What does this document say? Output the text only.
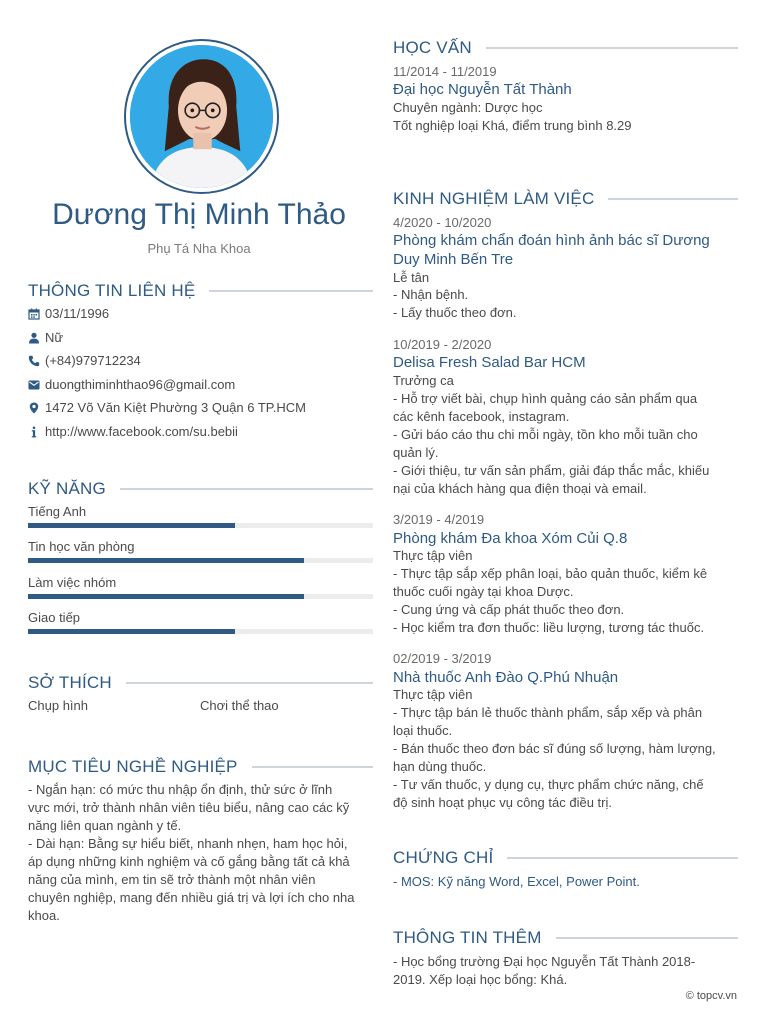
Dương Thị Minh Thảo
Phụ Tá Nha Khoa
THÔNG TIN LIÊN HỆ
03/11/1996
Nữ
(+84)979712234
duongthiminhthao96@gmail.com
1472 Võ Văn Kiệt Phường 3 Quận 6 TP.HCM
http://www.facebook.com/su.bebii
KỸ NĂNG
Tiếng Anh
Tin học văn phòng
Làm việc nhóm
Giao tiếp
SỞ THÍCH
Chụp hình	Chơi thể thao
MỤC TIÊU NGHỀ NGHIỆP
- Ngắn hạn: có mức thu nhập ổn định, thử sức ở lĩnh
vực mới, trở thành nhân viên tiêu biểu, nâng cao các kỹ
năng liên quan ngành y tế.
- Dài hạn: Bằng sự hiểu biết, nhanh nhẹn, ham học hỏi,
áp dụng những kinh nghiệm và cố gắng bằng tất cả khả
năng của mình, em tin sẽ trở thành một nhân viên
chuyên nghiệp, mang đến nhiều giá trị và lợi ích cho nha
khoa.
HỌC VẤN
11/2014 - 11/2019
Đại học Nguyễn Tất Thành
Chuyên ngành: Dược học
Tốt nghiệp loại Khá, điểm trung bình 8.29
KINH NGHIỆM LÀM VIỆC
4/2020 - 10/2020
Phòng khám chẩn đoán hình ảnh bác sĩ Dương
Duy Minh Bến Tre
Lễ tân
- Nhận bệnh.
- Lấy thuốc theo đơn.
10/2019 - 2/2020
Delisa Fresh Salad Bar HCM
Trưởng ca
- Hỗ trợ viết bài, chụp hình quảng cáo sản phẩm qua
các kênh facebook, instagram.
- Gửi báo cáo thu chi mỗi ngày, tồn kho mỗi tuần cho
quản lý.
- Giới thiệu, tư vấn sản phẩm, giải đáp thắc mắc, khiếu
nại của khách hàng qua điện thoại và email.
3/2019 - 4/2019
Phòng khám Đa khoa Xóm Củi Q.8
Thực tập viên
- Thực tập sắp xếp phân loại, bảo quản thuốc, kiểm kê
thuốc cuối ngày tại khoa Dược.
- Cung ứng và cấp phát thuốc theo đơn.
- Học kiểm tra đơn thuốc: liều lượng, tương tác thuốc.
02/2019 - 3/2019
Nhà thuốc Anh Đào Q.Phú Nhuận
Thực tập viên
- Thực tập bán lẻ thuốc thành phẩm, sắp xếp và phân
loại thuốc.
- Bán thuốc theo đơn bác sĩ đúng số lượng, hàm lượng,
hạn dùng thuốc.
- Tư vấn thuốc, y dụng cụ, thực phẩm chức năng, chế
độ sinh hoạt phục vụ công tác điều trị.
CHỨNG CHỈ
- MOS: Kỹ năng Word, Excel, Power Point.
THÔNG TIN THÊM
- Học bổng trường Đại học Nguyễn Tất Thành 2018-
2019. Xếp loại học bổng: Khá.
© topcv.vn
